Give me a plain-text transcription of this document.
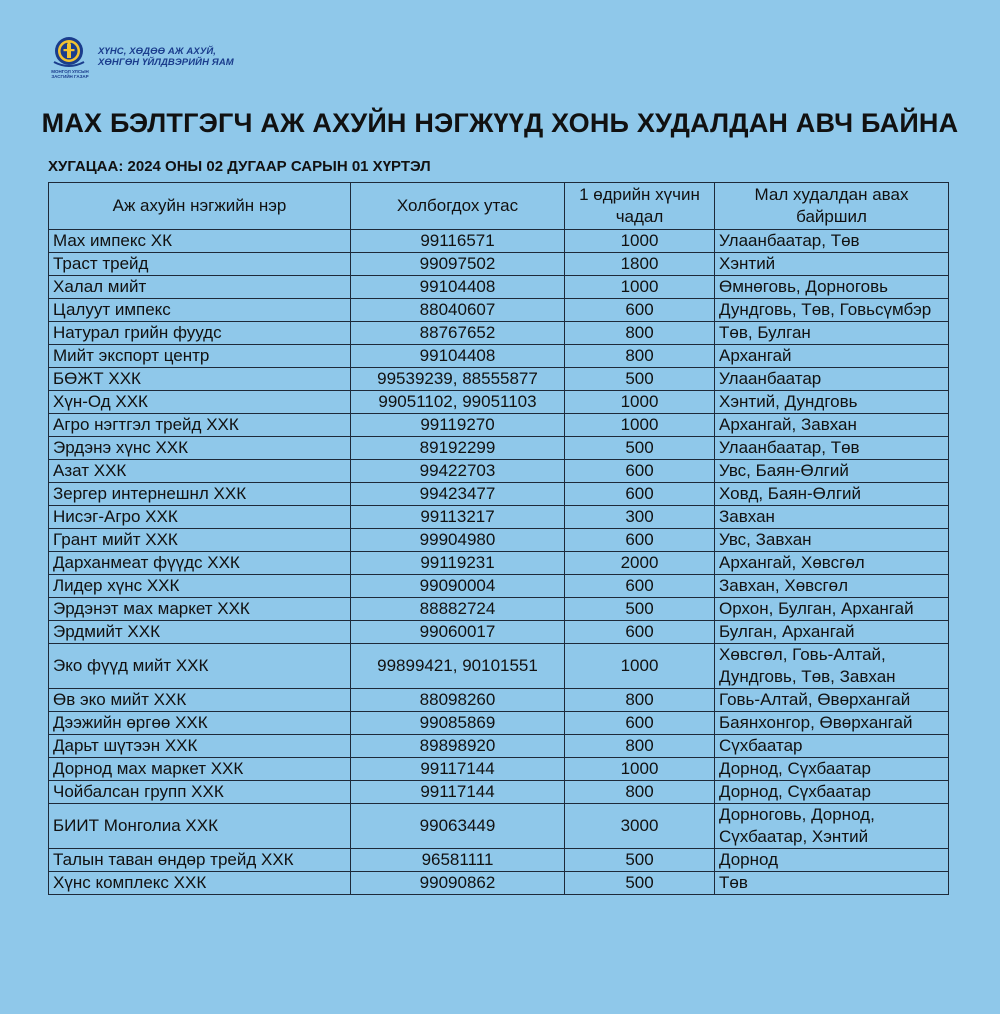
МОНГОЛ УЛСЫН ЗАСГИЙН ГАЗАР
ХҮНС, ХӨДӨӨ АЖ АХУЙ,
ХӨНГӨН ҮЙЛДВЭРИЙН ЯАМ
МАХ БЭЛТГЭГЧ АЖ АХУЙН НЭГЖҮҮД ХОНЬ ХУДАЛДАН АВЧ БАЙНА
ХУГАЦАА: 2024 ОНЫ 02 ДУГААР САРЫН 01 ХҮРТЭЛ
Аж ахуйн нэгжийн нэр	Холбогдох утас	1 өдрийн хүчин чадал	Мал худалдан авах байршил
Мах импекс ХК	99116571	1000	Улаанбаатар, Төв
Траст трейд	99097502	1800	Хэнтий
Халал мийт	99104408	1000	Өмнөговь, Дорноговь
Цалуут импекс	88040607	600	Дундговь, Төв, Говьсүмбэр
Натурал грийн фуудс	88767652	800	Төв, Булган
Мийт экспорт центр	99104408	800	Архангай
БӨЖТ ХХК	99539239, 88555877	500	Улаанбаатар
Хүн-Од ХХК	99051102, 99051103	1000	Хэнтий, Дундговь
Агро нэгтгэл трейд ХХК	99119270	1000	Архангай, Завхан
Эрдэнэ хүнс ХХК	89192299	500	Улаанбаатар, Төв
Азат ХХК	99422703	600	Увс, Баян-Өлгий
Зергер интернешнл ХХК	99423477	600	Ховд, Баян-Өлгий
Нисэг-Агро ХХК	99113217	300	Завхан
Грант мийт ХХК	99904980	600	Увс, Завхан
Дарханмеат фүүдс ХХК	99119231	2000	Архангай, Хөвсгөл
Лидер хүнс ХХК	99090004	600	Завхан, Хөвсгөл
Эрдэнэт мах маркет ХХК	88882724	500	Орхон, Булган, Архангай
Эрдмийт ХХК	99060017	600	Булган, Архангай
Эко фүүд мийт ХХК	99899421, 90101551	1000	Хөвсгөл, Говь-Алтай, Дундговь, Төв, Завхан
Өв эко мийт ХХК	88098260	800	Говь-Алтай, Өвөрхангай
Дээжийн өргөө ХХК	99085869	600	Баянхонгор, Өвөрхангай
Дарьт шүтээн ХХК	89898920	800	Сүхбаатар
Дорнод мах маркет ХХК	99117144	1000	Дорнод, Сүхбаатар
Чойбалсан групп ХХК	99117144	800	Дорнод, Сүхбаатар
БИИТ Монголиа ХХК	99063449	3000	Дорноговь, Дорнод, Сүхбаатар, Хэнтий
Талын таван өндөр трейд ХХК	96581111	500	Дорнод
Хүнс комплекс ХХК	99090862	500	Төв
